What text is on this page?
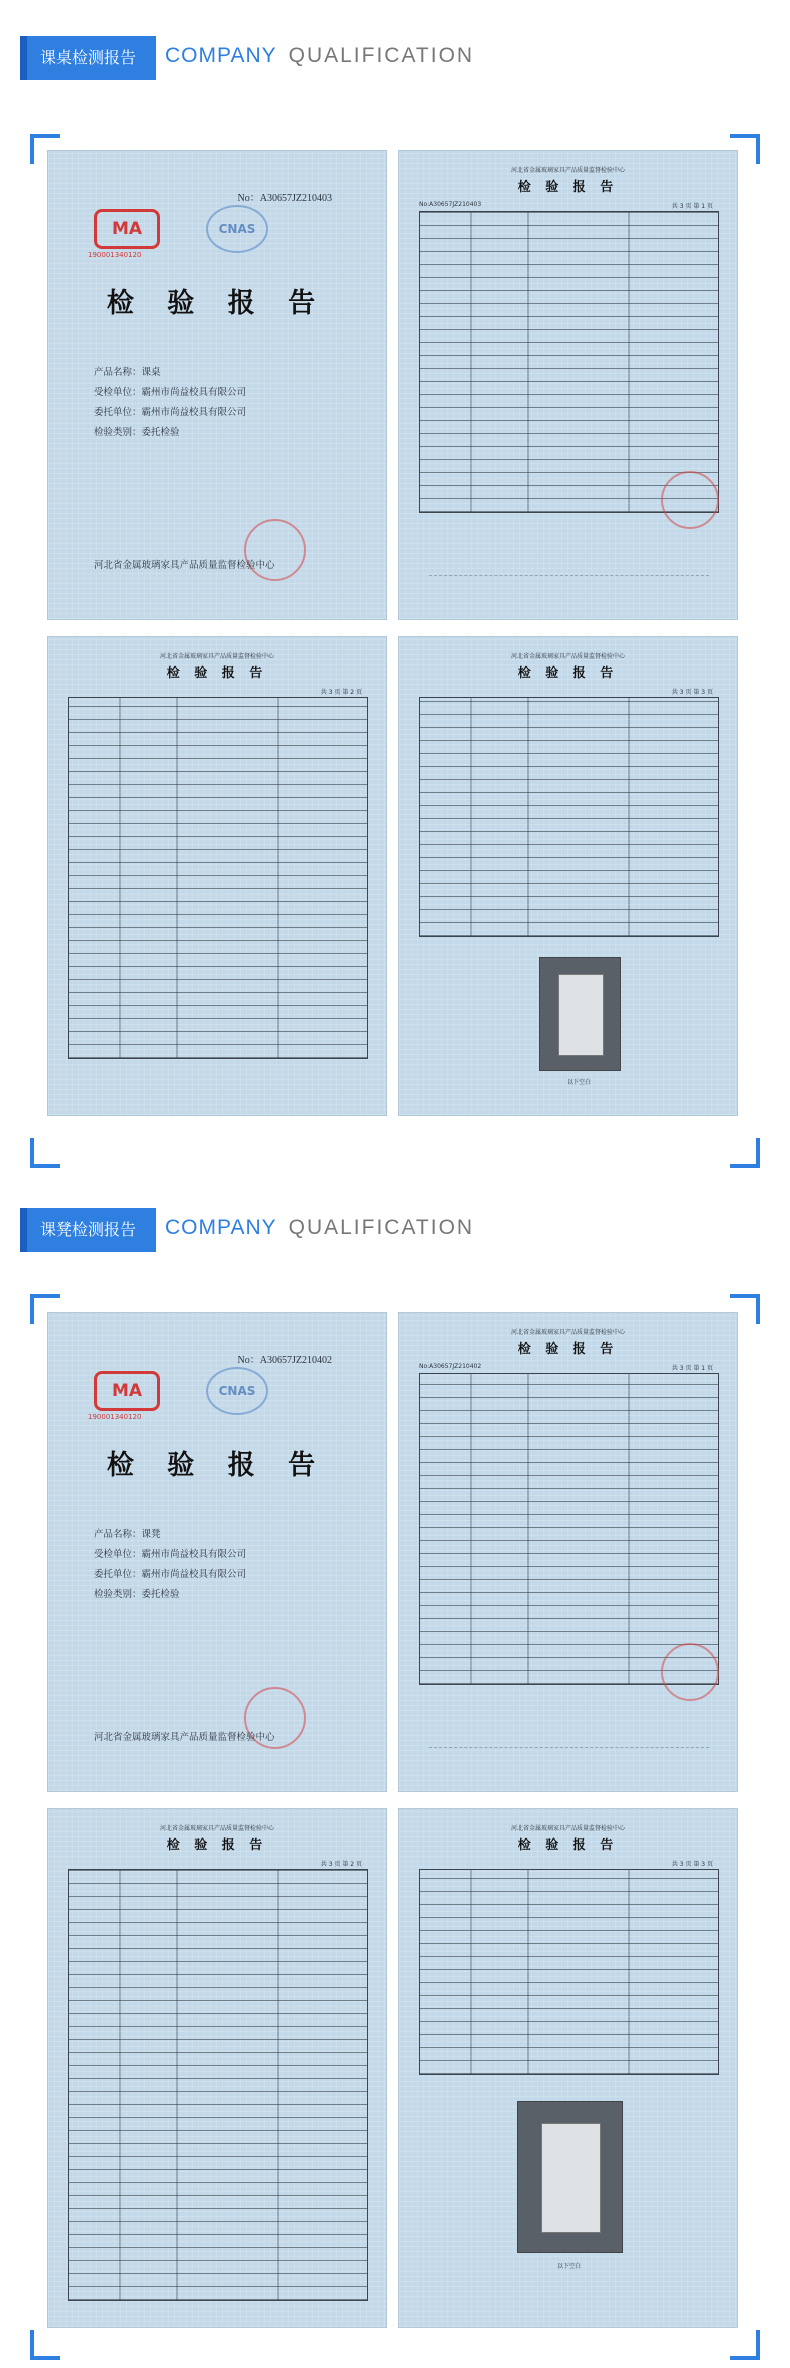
课桌检测报告	COMPANY QUALIFICATION
No：A30657JZ210403
MA
190001340120
CNAS
检 验 报 告
产品名称：课桌
受检单位：霸州市尚益校具有限公司
委托单位：霸州市尚益校具有限公司
检验类别：委托检验
河北省金属玻璃家具产品质量监督检验中心
河北省金属玻璃家具产品质量监督检验中心
检 验 报 告
No:A30657JZ210403	共 3 页 第 1 页
河北省金属玻璃家具产品质量监督检验中心
检 验 报 告
共 3 页 第 2 页
河北省金属玻璃家具产品质量监督检验中心
检 验 报 告
共 3 页 第 3 页
以下空白
课凳检测报告	COMPANY QUALIFICATION
No：A30657JZ210402
MA
190001340120
CNAS
检 验 报 告
产品名称：课凳
受检单位：霸州市尚益校具有限公司
委托单位：霸州市尚益校具有限公司
检验类别：委托检验
河北省金属玻璃家具产品质量监督检验中心
河北省金属玻璃家具产品质量监督检验中心
检 验 报 告
No:A30657JZ210402	共 3 页 第 1 页
河北省金属玻璃家具产品质量监督检验中心
检 验 报 告
共 3 页 第 2 页
河北省金属玻璃家具产品质量监督检验中心
检 验 报 告
共 3 页 第 3 页
以下空白
